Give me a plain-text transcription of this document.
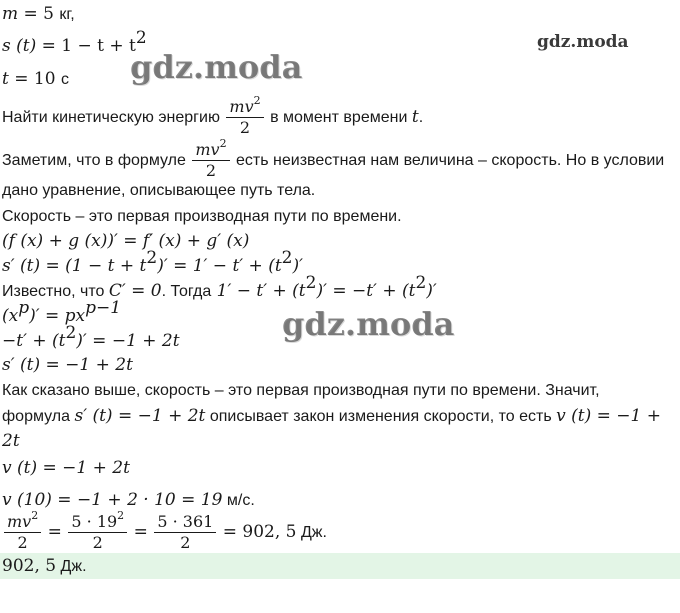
m = 5 кг,
s $(t) = 1 - t + t^2$
t = 10 с
gdz.moda
gdz.moda
gdz.moda
Найти кинетическую энергию $\frac{mv^2}{2}$ в момент времени t.
Заметим, что в формуле $\frac{mv^2}{2}$ есть неизвестная нам величина – скорость. Но в условии
дано уравнение, описывающее путь тела.
Скорость – это первая производная пути по времени.
(f (x) + g (x))′ = f′ (x) + g′ (x)
s′ $(t) = (1 - t + t^2)' = 1' - t' + (t^2)'$
Известно, что C′ = 0. Тогда $1' - t' + (t^2)' = -t' + (t^2)'$
$(x^p)' = px^{p-1}$
$-t' + (t^2)' = -1 + 2t$
s′ (t) = −1 + 2t
Как сказано выше, скорость – это первая производная пути по времени. Значит,
формула s′ (t) = −1 + 2t описывает закон изменения скорости, то есть v (t) = −1 +
2t
v (t) = −1 + 2t
v (10) = −1 + 2 · 10 = 19 м/с.
$\frac{mv^2}{2} = \frac{5 \cdot 19^2}{2} = \frac{5 \cdot 361}{2} = 902$, 5 Дж.
902, 5 Дж.
